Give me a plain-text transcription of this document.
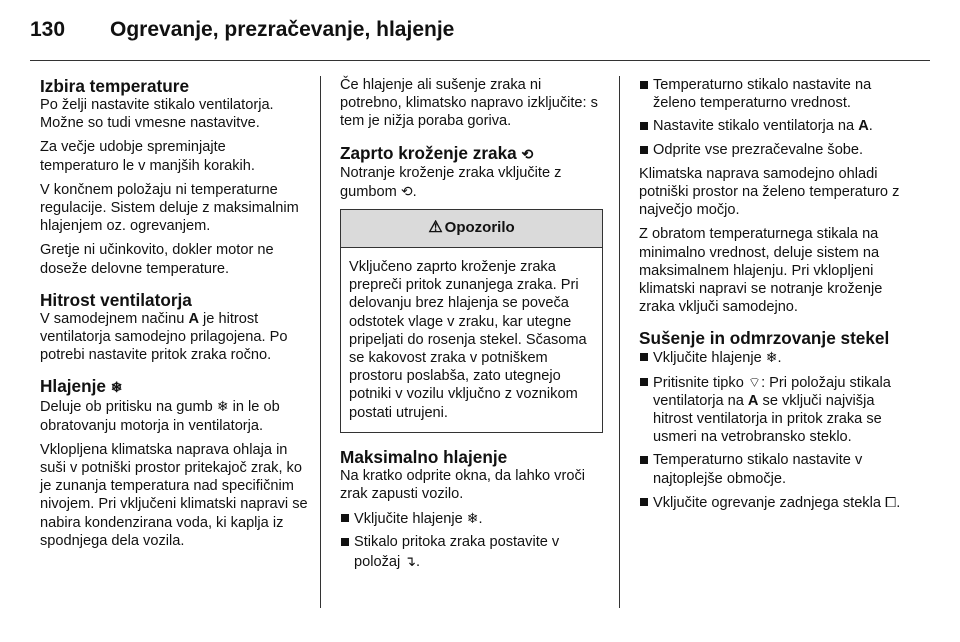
130	Ogrevanje, prezračevanje, hlajenje
Izbira temperature

Po želji nastavite stikalo ventilatorja. Možne so tudi vmesne nastavitve.

Za večje udobje spreminjajte temperaturo le v manjših korakih.

V končnem položaju ni temperaturne regulacije. Sistem deluje z maksimalnim hlajenjem oz. ogrevanjem.

Gretje ni učinkovito, dokler motor ne doseže delovne temperature.

Hitrost ventilatorja

V samodejnem načinu A je hitrost ventilatorja samodejno prilagojena. Po potrebi nastavite pritok zraka ročno.

Hlajenje ❄

Deluje ob pritisku na gumb ❄ in le ob obratovanju motorja in ventilatorja.

Vklopljena klimatska naprava ohlaja in suši v potniški prostor pritekajoč zrak, ko je zunanja temperatura nad specifičnim nivojem. Pri vključeni klimatski napravi se nabira kondenzirana voda, ki kaplja iz spodnjega dela vozila.

Če hlajenje ali sušenje zraka ni potrebno, klimatsko napravo izključite: s tem je nižja poraba goriva.

Zaprto kroženje zraka ⟲

Notranje kroženje zraka vključite z gumbom ⟲.

⚠ Opozorilo
Vključeno zaprto kroženje zraka prepreči pritok zunanjega zraka. Pri delovanju brez hlajenja se poveča odstotek vlage v zraku, kar utegne pripeljati do rosenja stekel. Sčasoma se kakovost zraka v potniškem prostoru poslabša, zato utegnejo potniki v vozilu vključno z voznikom postati utrujeni.
Maksimalno hlajenje

Na kratko odprite okna, da lahko vroči zrak zapusti vozilo.

Vključite hlajenje ❄.
Stikalo pritoka zraka postavite v položaj ↴.
Temperaturno stikalo nastavite na želeno temperaturno vrednost.
Nastavite stikalo ventilatorja na A.
Odprite vse prezračevalne šobe.

Klimatska naprava samodejno ohladi potniški prostor na želeno temperaturo z največjo močjo.

Z obratom temperaturnega stikala na minimalno vrednost, deluje sistem na maksimalnem hlajenju. Pri vklopljeni klimatski napravi se notranje kroženje zraka vključi samodejno.

Sušenje in odmrzovanje stekel
Vključite hlajenje ❄.
Pritisnite tipko ⌔: Pri položaju stikala ventilatorja na A se vključi najvišja hitrost ventilatorja in pritok zraka se usmeri na vetrobransko steklo.
Temperaturno stikalo nastavite v najtoplejše območje.
Vključite ogrevanje zadnjega stekla ⧠.
